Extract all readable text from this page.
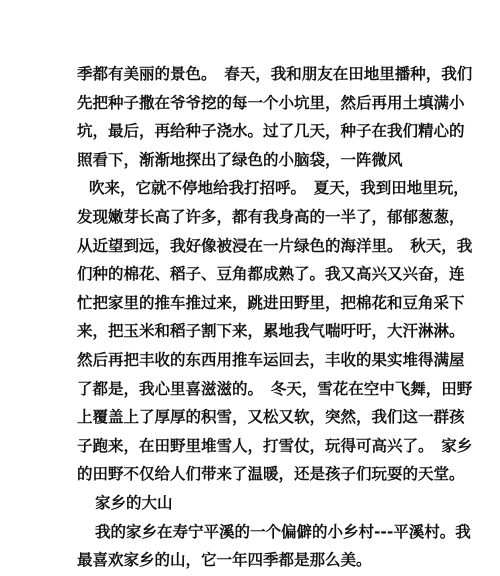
季都有美丽的景色。　春天，我和朋友在田地里播种，我们
先把种子撒在爷爷挖的每一个小坑里，然后再用土填满小
坑，最后，再给种子浇水。过了几天，种子在我们精心的
照看下，渐渐地探出了绿色的小脑袋，一阵微风
吹来，它就不停地给我打招呼。　夏天，我到田地里玩，
发现嫩芽长高了许多，都有我身高的一半了，郁郁葱葱，
从近望到远，我好像被浸在一片绿色的海洋里。　秋天，我
们种的棉花、稻子、豆角都成熟了。我又高兴又兴奋，连
忙把家里的推车推过来，跳进田野里，把棉花和豆角采下
来，把玉米和稻子割下来，累地我气喘吁吁，大汗淋淋。
然后再把丰收的东西用推车运回去，丰收的果实堆得满屋
了都是，我心里喜滋滋的。　冬天，雪花在空中飞舞，田野
上覆盖上了厚厚的积雪，又松又软，突然，我们这一群孩
子跑来，在田野里堆雪人，打雪仗，玩得可高兴了。　家乡
的田野不仅给人们带来了温暖，还是孩子们玩耍的天堂。
家乡的大山
我的家乡在寿宁平溪的一个偏僻的小乡村---平溪村。我
最喜欢家乡的山，它一年四季都是那么美。
